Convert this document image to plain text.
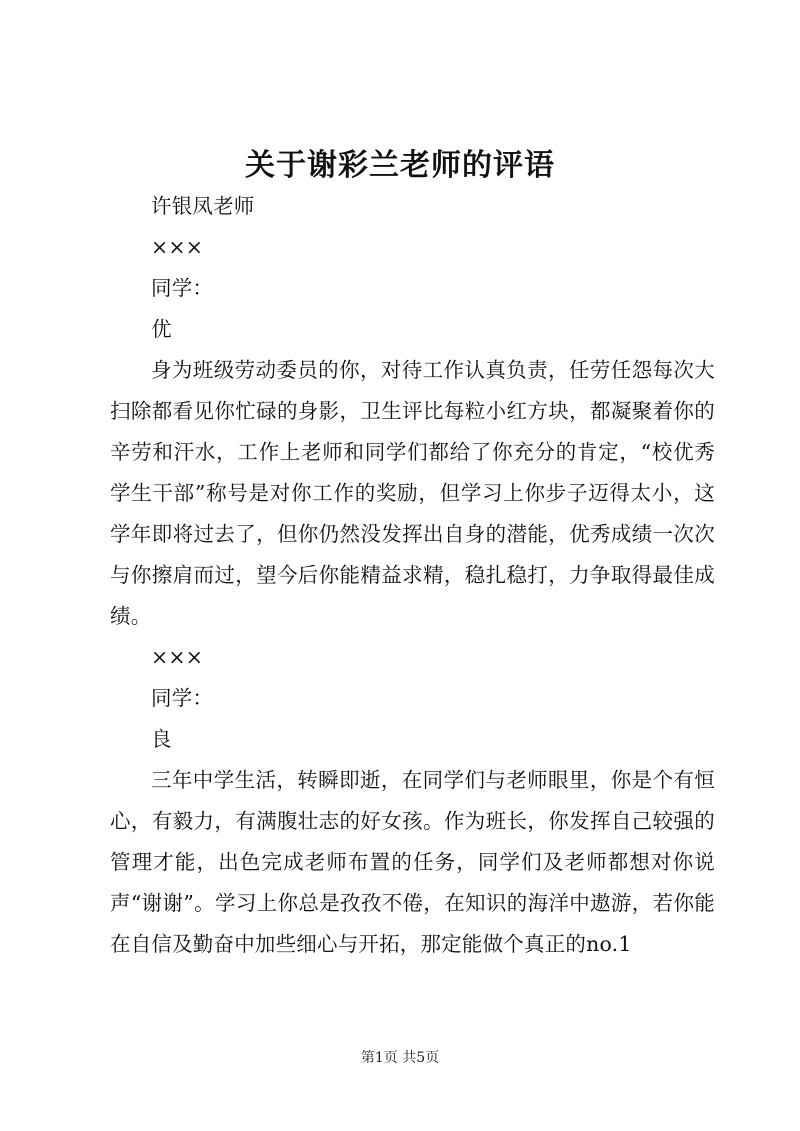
关于谢彩兰老师的评语

许银凤老师

×××

同学：

优

身为班级劳动委员的你，对待工作认真负责，任劳任怨每次大扫除都看见你忙碌的身影，卫生评比每粒小红方块，都凝聚着你的辛劳和汗水，工作上老师和同学们都给了你充分的肯定，“校优秀学生干部”称号是对你工作的奖励，但学习上你步子迈得太小，这学年即将过去了，但你仍然没发挥出自身的潜能，优秀成绩一次次与你擦肩而过，望今后你能精益求精，稳扎稳打，力争取得最佳成绩。

×××

同学：

良

三年中学生活，转瞬即逝，在同学们与老师眼里，你是个有恒心，有毅力，有满腹壮志的好女孩。作为班长，你发挥自己较强的管理才能，出色完成老师布置的任务，同学们及老师都想对你说声“谢谢”。学习上你总是孜孜不倦，在知识的海洋中遨游，若你能在自信及勤奋中加些细心与开拓，那定能做个真正的no.1

第1页 共5页
